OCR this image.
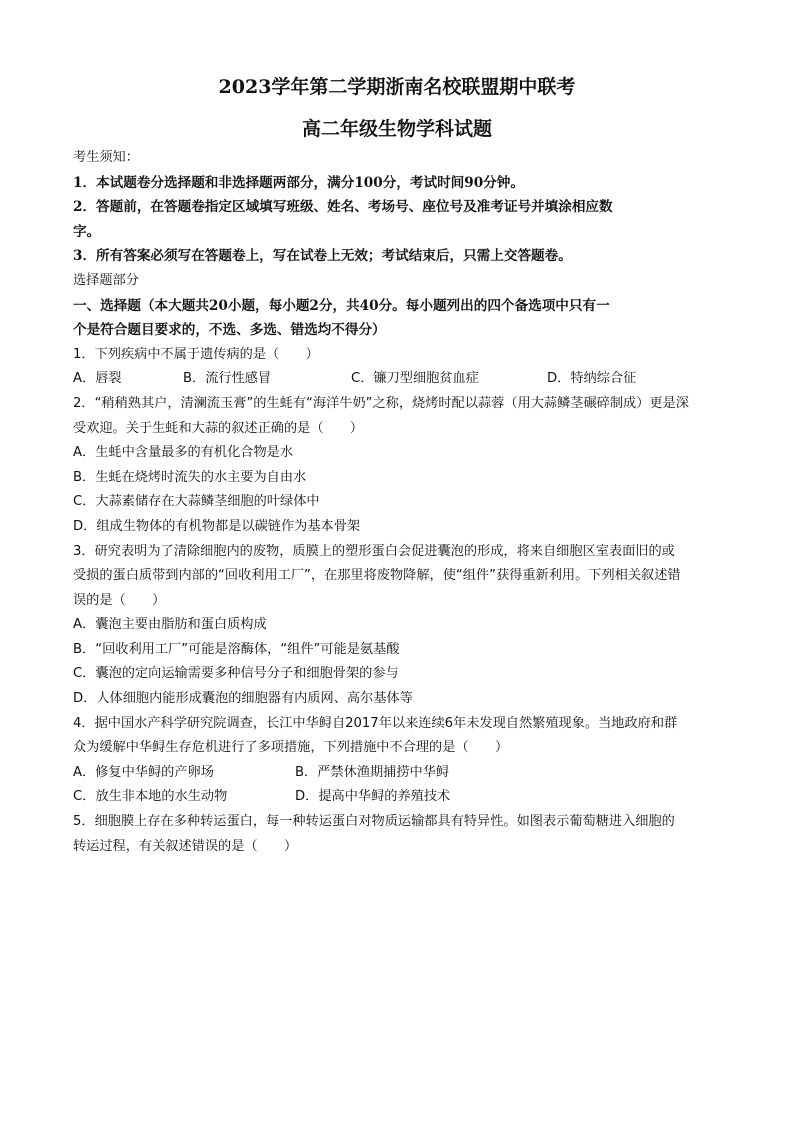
2023学年第二学期浙南名校联盟期中联考
高二年级生物学科试题
考生须知：
1．本试题卷分选择题和非选择题两部分，满分100分，考试时间90分钟。
2．答题前，在答题卷指定区域填写班级、姓名、考场号、座位号及准考证号并填涂相应数
字。
3．所有答案必须写在答题卷上，写在试卷上无效；考试结束后，只需上交答题卷。
选择题部分
一、选择题（本大题共20小题，每小题2分，共40分。每小题列出的四个备选项中只有一
个是符合题目要求的，不选、多选、错选均不得分）
1．下列疾病中不属于遗传病的是（　　）
A．唇裂	B．流行性感冒	C．镰刀型细胞贫血症	D．特纳综合征
2．“稍稍熟其户，清澜流玉膏”的生蚝有“海洋牛奶”之称，烧烤时配以蒜蓉（用大蒜鳞茎碾碎制成）更是深
受欢迎。关于生蚝和大蒜的叙述正确的是（　　）
A．生蚝中含量最多的有机化合物是水
B．生蚝在烧烤时流失的水主要为自由水
C．大蒜素储存在大蒜鳞茎细胞的叶绿体中
D．组成生物体的有机物都是以碳链作为基本骨架
3．研究表明为了清除细胞内的废物，质膜上的塑形蛋白会促进囊泡的形成，将来自细胞区室表面旧的或
受损的蛋白质带到内部的“回收利用工厂”，在那里将废物降解，使“组件”获得重新利用。下列相关叙述错
误的是（　　）
A．囊泡主要由脂肪和蛋白质构成
B．“回收利用工厂”可能是溶酶体，“组件”可能是氨基酸
C．囊泡的定向运输需要多种信号分子和细胞骨架的参与
D．人体细胞内能形成囊泡的细胞器有内质网、高尔基体等
4．据中国水产科学研究院调查，长江中华鲟自2017年以来连续6年未发现自然繁殖现象。当地政府和群
众为缓解中华鲟生存危机进行了多项措施，下列措施中不合理的是（　　）
A．修复中华鲟的产卵场	B．严禁休渔期捕捞中华鲟
C．放生非本地的水生动物	D．提高中华鲟的养殖技术
5．细胞膜上存在多种转运蛋白，每一种转运蛋白对物质运输都具有特异性。如图表示葡萄糖进入细胞的
转运过程，有关叙述错误的是（　　）
